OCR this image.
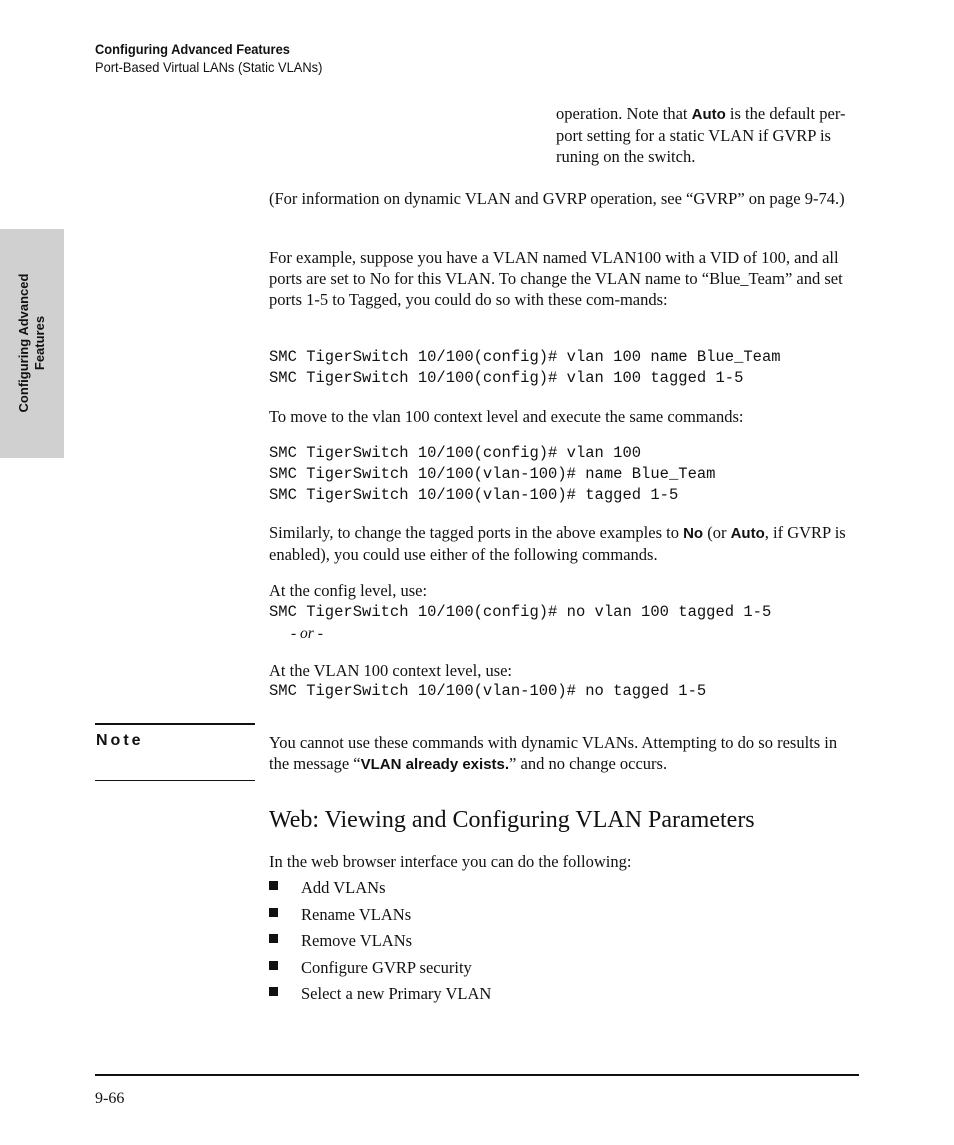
Configuring Advanced Features
Port-Based Virtual LANs (Static VLANs)
Configuring Advanced Features

operation. Note that Auto is the default per-port setting for a static VLAN if GVRP is runing on the switch.

(For information on dynamic VLAN and GVRP operation, see “GVRP” on page 9-74.)

For example, suppose you have a VLAN named VLAN100 with a VID of 100, and all ports are set to No for this VLAN. To change the VLAN name to “Blue_Team” and set ports 1-5 to Tagged, you could do so with these com-mands:

SMC TigerSwitch 10/100(config)# vlan 100 name Blue_Team
SMC TigerSwitch 10/100(config)# vlan 100 tagged 1-5

To move to the vlan 100 context level and execute the same commands:

SMC TigerSwitch 10/100(config)# vlan 100
SMC TigerSwitch 10/100(vlan-100)# name Blue_Team
SMC TigerSwitch 10/100(vlan-100)# tagged 1-5

Similarly, to change the tagged ports in the above examples to No (or Auto, if GVRP is enabled), you could use either of the following commands.

At the config level, use:

SMC TigerSwitch 10/100(config)# no vlan 100 tagged 1-5

- or -

At the VLAN 100 context level, use:

SMC TigerSwitch 10/100(vlan-100)# no tagged 1-5
Note	You cannot use these commands with dynamic VLANs. Attempting to do so results in the message “VLAN already exists.” and no change occurs.

Web: Viewing and Configuring VLAN Parameters

In the web browser interface you can do the following:

Add VLANs
Rename VLANs
Remove VLANs
Configure GVRP security
Select a new Primary VLAN
9-66
